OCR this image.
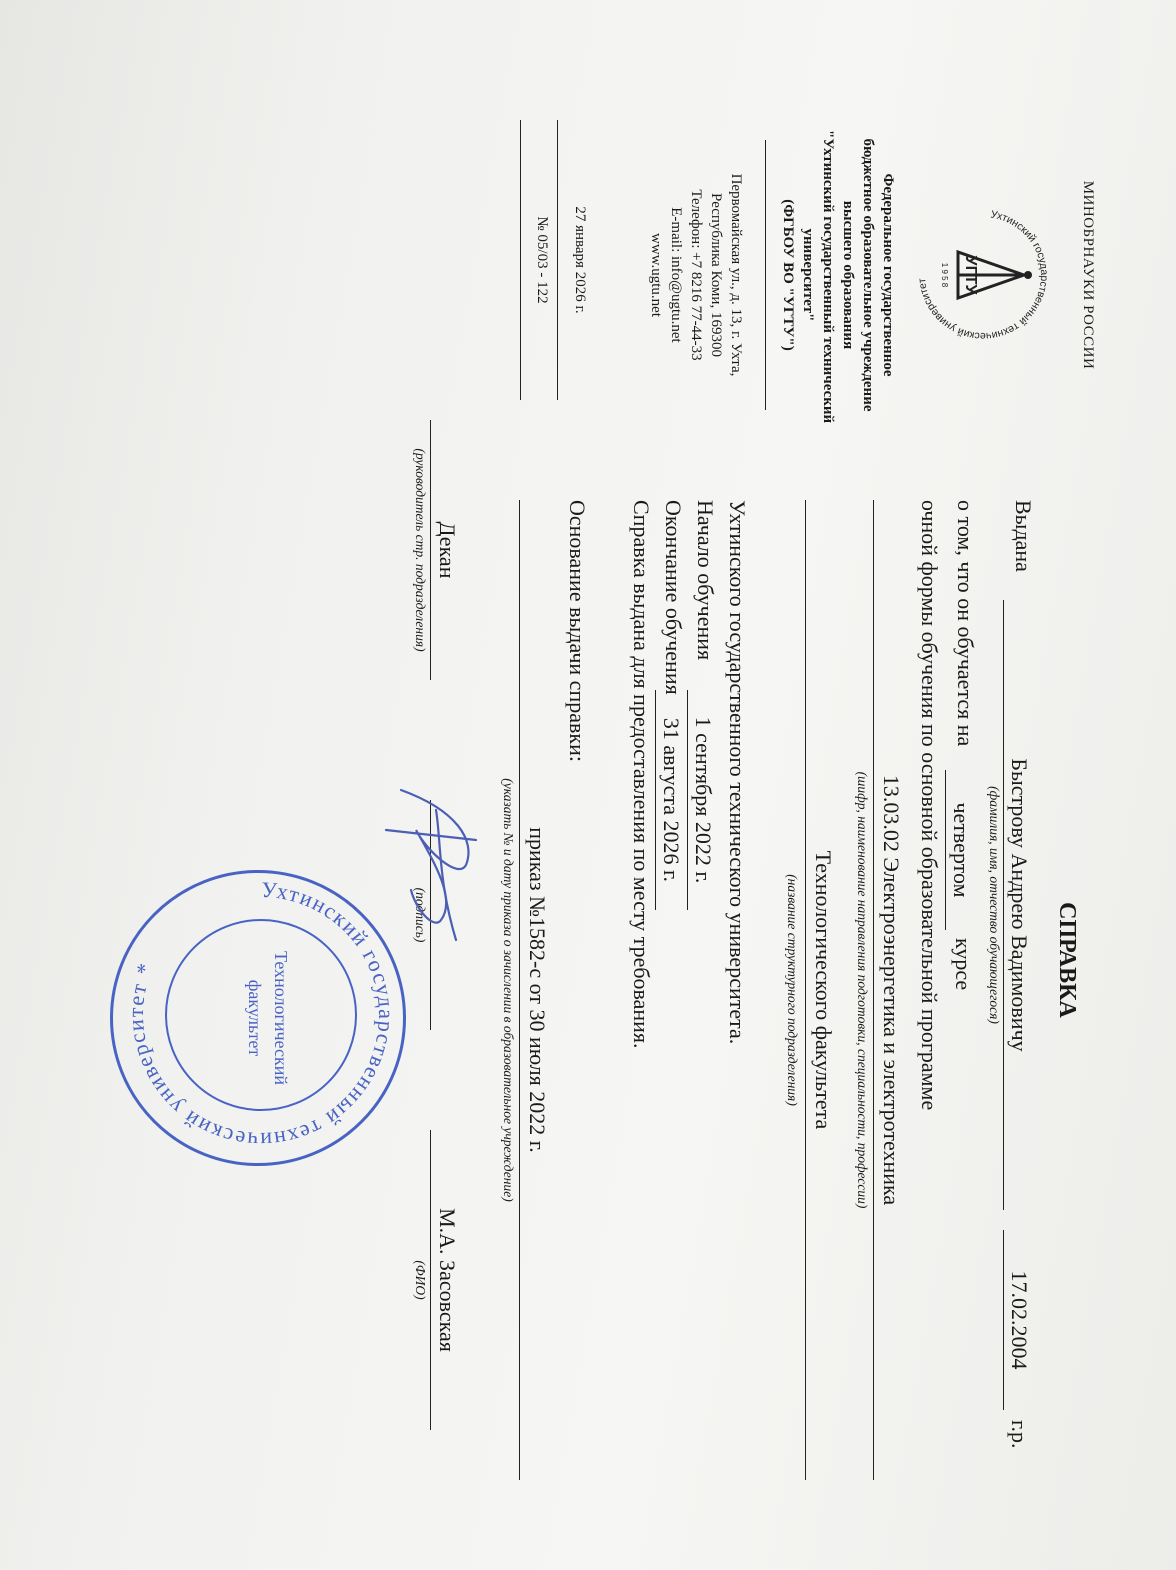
МИНОБРНАУКИ РОССИИ
Ухтинский государственный технический университет	УГТУ
1 9 5 8
Федеральное государственное
бюджетное образовательное учреждение
высшего образования
"Ухтинский государственный технический
университет"
(ФГБОУ ВО "УГТУ")
Первомайская ул., д. 13, г. Ухта,
Республика Коми, 169300
Телефон: +7 8216 77-44-33
E-mail: info@ugtu.net
www.ugtu.net
27 января 2026 г.
№ 05/03 - 122
СПРАВКА
Выдана
Быстрову Андрею Вадимовичу
17.02.2004
г.р.
(фамилия, имя, отчество обучающегося)
о том, что он обучается на
четвертом
курсе
очной формы обучения по основной образовательной программе
13.03.02 Электроэнергетика и электротехника
(шифр, наименование направления подготовки, специальности, профессии)
Технологического факультета
(название структурного подразделения)
Ухтинского государственного технического университета.
Начало обучения
1 сентября 2022 г.
Окончание обучения
31 августа 2026 г.
Справка выдана для предоставления по месту требования.
Основание выдачи справки:
приказ №1582-с от 30 июля 2022 г.
(указать № и дату приказа о зачислении в образовательное учреждение)
Декан
(руководитель стр. подразделения)
(подпись)
М.А. Засовская
(ФИО)
Ухтинский государственный технический университет *	Технологический
факультет
